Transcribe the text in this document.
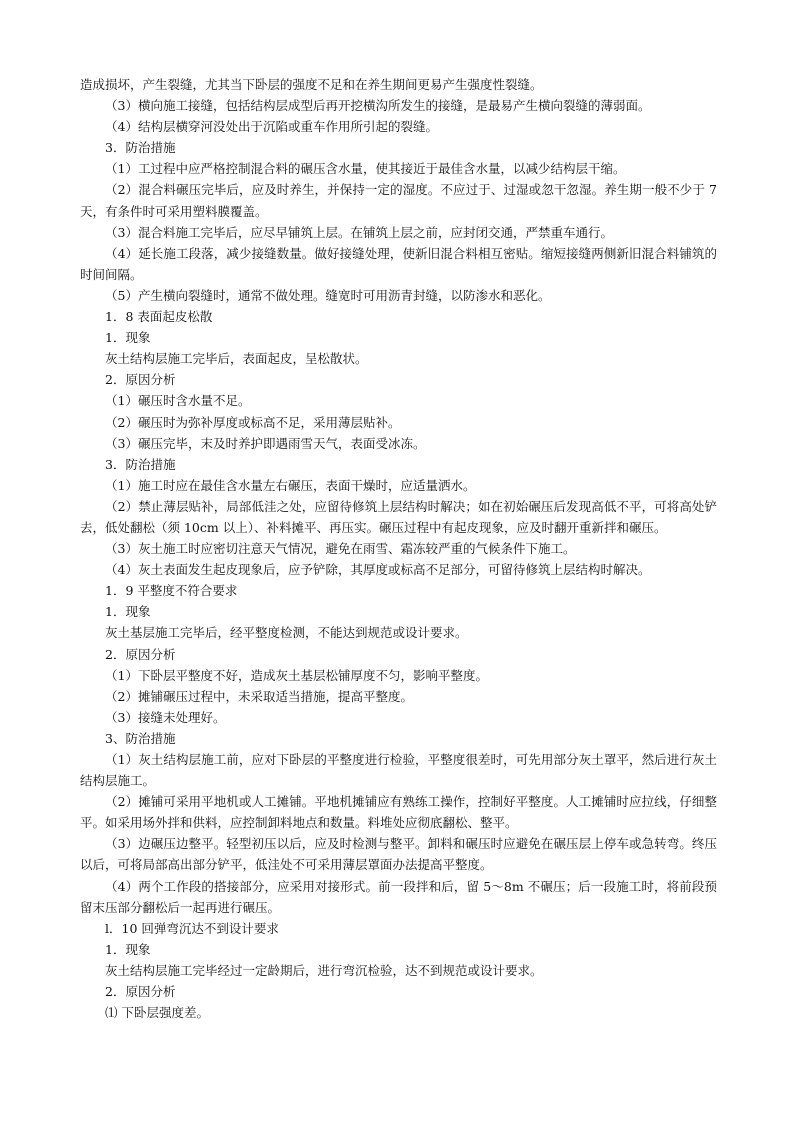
造成损坏，产生裂缝，尤其当下卧层的强度不足和在养生期间更易产生强度性裂缝。

（3）横向施工接缝，包括结构层成型后再开挖横沟所发生的接缝，是最易产生横向裂缝的薄弱面。

（4）结构层横穿河没处出于沉陷或重车作用所引起的裂缝。

3．防治措施

（1）工过程中应严格控制混合料的碾压含水量，使其接近于最佳含水量，以减少结构层干缩。

（2）混合料碾压完毕后，应及时养生，并保持一定的湿度。不应过于、过湿或忽干忽湿。养生期一般不少于 7 天，有条件时可采用塑料膜覆盖。

（3）混合料施工完毕后，应尽早铺筑上层。在铺筑上层之前，应封闭交通，严禁重车通行。

（4）延长施工段落，减少接缝数量。做好接缝处理，使新旧混合料相互密贴。缩短接缝两侧新旧混合料铺筑的时间间隔。

（5）产生横向裂缝时，通常不做处理。缝宽时可用沥青封缝，以防渗水和恶化。

1．8 表面起皮松散

1．现象

灰土结构层施工完毕后，表面起皮，呈松散状。

2．原因分析

（1）碾压时含水量不足。

（2）碾压时为弥补厚度或标高不足，采用薄层贴补。

（3）碾压完毕，末及时养护即遇雨雪天气，表面受冰冻。

3．防治措施

（1）施工时应在最佳含水量左右碾压，表面干燥时，应适量洒水。

（2）禁止薄层贴补，局部低洼之处，应留待修筑上层结构时解决；如在初始碾压后发现高低不平，可将高处铲去，低处翻松（须 10cm 以上）、补料摊平、再压实。碾压过程中有起皮现象，应及时翻开重新拌和碾压。

（3）灰土施工时应密切注意天气情况，避免在雨雪、霜冻较严重的气候条件下施工。

（4）灰土表面发生起皮现象后，应予铲除，其厚度或标高不足部分，可留待修筑上层结构时解决。

1．9 平整度不符合要求

1．现象

灰土基层施工完毕后，经平整度检测，不能达到规范或设计要求。

2．原因分析

（1）下卧层平整度不好，造成灰土基层松铺厚度不匀，影响平整度。

（2）摊铺碾压过程中，未采取适当措施，提高平整度。

（3）接缝未处理好。

3、防治措施

（1）灰土结构层施工前，应对下卧层的平整度进行检验，平整度很差时，可先用部分灰土罩平，然后进行灰土结构层施工。

（2）摊铺可采用平地机或人工摊铺。平地机摊铺应有熟练工操作，控制好平整度。人工摊铺时应拉线，仔细整平。如采用场外拌和供料，应控制卸料地点和数量。料堆处应彻底翻松、整平。

（3）边碾压边整平。轻型初压以后，应及时检测与整平。卸料和碾压时应避免在碾压层上停车或急转弯。终压以后，可将局部高出部分铲平，低洼处不可采用薄层罩面办法提高平整度。

（4）两个工作段的搭接部分，应采用对接形式。前一段拌和后，留 5～8m 不碾压；后一段施工时，将前段预留末压部分翻松后一起再进行碾压。

l．10 回弹弯沉达不到设计要求

1．现象

灰土结构层施工完毕经过一定龄期后，进行弯沉检验，达不到规范或设计要求。

2．原因分析

⑴ 下卧层强度差。
